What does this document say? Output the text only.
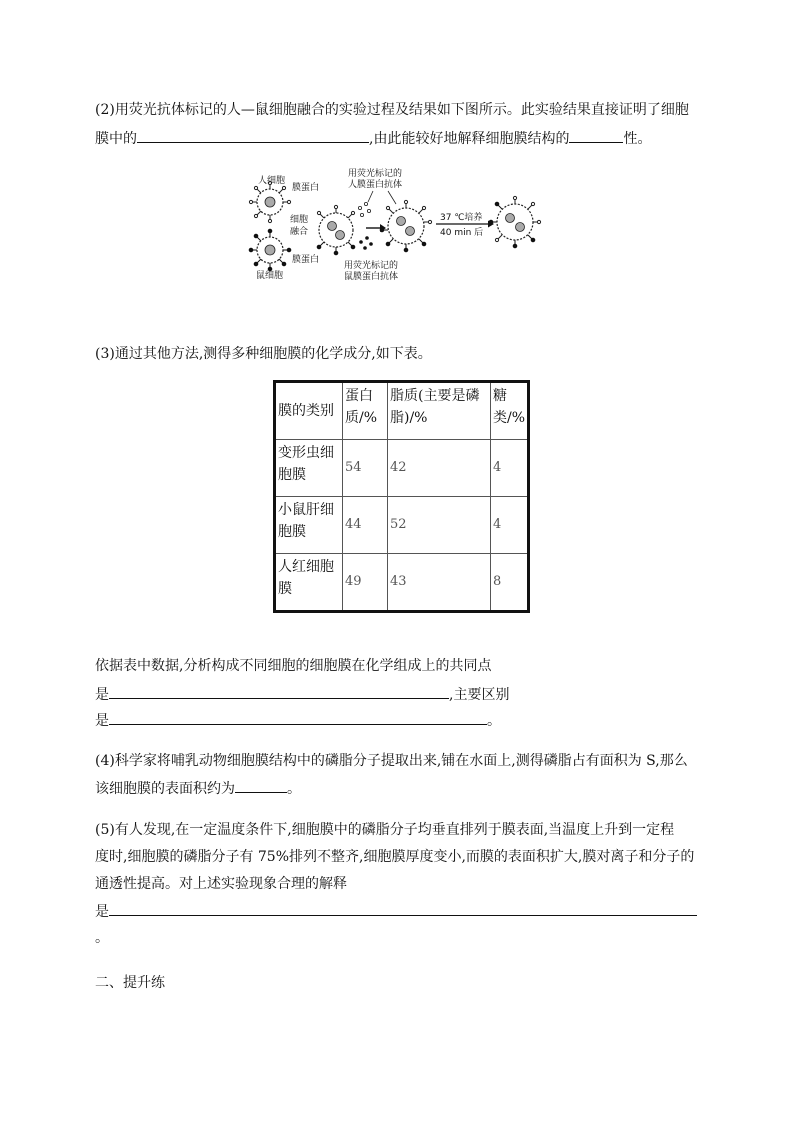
(2)用荧光抗体标记的人—鼠细胞融合的实验过程及结果如下图所示。此实验结果直接证明了细胞
膜中的	,由此能较好地解释细胞膜结构的	性。
人细胞
膜蛋白
细胞
融合
膜蛋白
鼠细胞
用荧光标记的
人膜蛋白抗体
用荧光标记的
鼠膜蛋白抗体
37 ℃培养
40 min 后
(3)通过其他方法,测得多种细胞膜的化学成分,如下表。
膜的类别	蛋白质/%	脂质(主要是磷脂)/%	糖类/%
变形虫细胞膜	54	42	4
小鼠肝细胞膜	44	52	4
人红细胞膜	49	43	8
依据表中数据,分析构成不同细胞的细胞膜在化学组成上的共同点
是	,主要区别
是	。
(4)科学家将哺乳动物细胞膜结构中的磷脂分子提取出来,铺在水面上,测得磷脂占有面积为 S,那么
该细胞膜的表面积约为	。
(5)有人发现,在一定温度条件下,细胞膜中的磷脂分子均垂直排列于膜表面,当温度上升到一定程
度时,细胞膜的磷脂分子有 75%排列不整齐,细胞膜厚度变小,而膜的表面积扩大,膜对离子和分子的
通透性提高。对上述实验现象合理的解释
是
。
二、提升练
